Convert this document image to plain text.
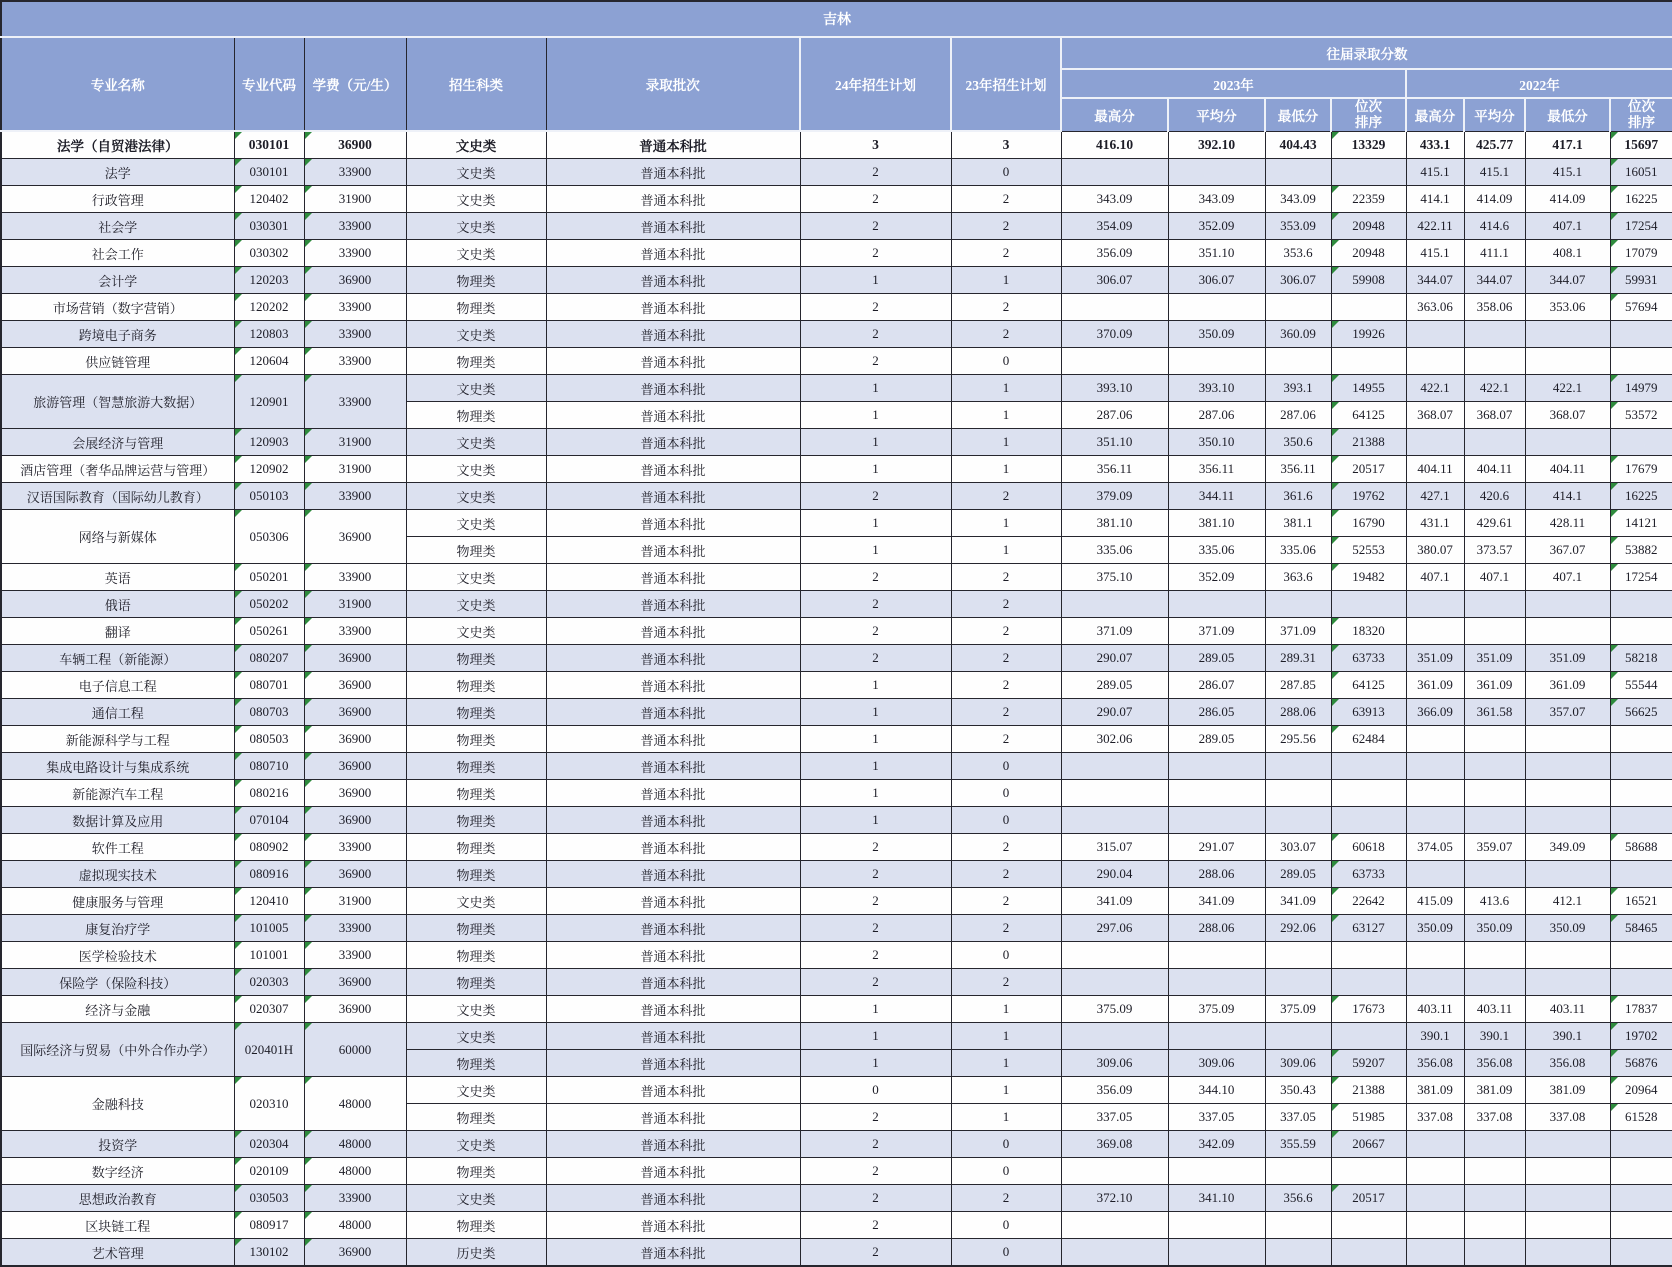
吉林														
专业名称	专业代码	学费（元/生）	招生科类	录取批次	24年招生计划	23年招生计划	往届录取分数							
							2023年				2022年			
							最高分	平均分	最低分	位次排序	最高分	平均分	最低分	位次排序
法学（自贸港法律）	030101	36900	文史类	普通本科批	3	3	416.10	392.10	404.43	13329	433.1	425.77	417.1	15697
法学	030101	33900	文史类	普通本科批	2	0					415.1	415.1	415.1	16051
行政管理	120402	31900	文史类	普通本科批	2	2	343.09	343.09	343.09	22359	414.1	414.09	414.09	16225
社会学	030301	33900	文史类	普通本科批	2	2	354.09	352.09	353.09	20948	422.11	414.6	407.1	17254
社会工作	030302	33900	文史类	普通本科批	2	2	356.09	351.10	353.6	20948	415.1	411.1	408.1	17079
会计学	120203	36900	物理类	普通本科批	1	1	306.07	306.07	306.07	59908	344.07	344.07	344.07	59931
市场营销（数字营销）	120202	33900	物理类	普通本科批	2	2					363.06	358.06	353.06	57694
跨境电子商务	120803	33900	文史类	普通本科批	2	2	370.09	350.09	360.09	19926				
供应链管理	120604	33900	物理类	普通本科批	2	0								
旅游管理（智慧旅游大数据）	120901	33900	文史类	普通本科批	1	1	393.10	393.10	393.1	14955	422.1	422.1	422.1	14979
			物理类	普通本科批	1	1	287.06	287.06	287.06	64125	368.07	368.07	368.07	53572
会展经济与管理	120903	31900	文史类	普通本科批	1	1	351.10	350.10	350.6	21388				
酒店管理（奢华品牌运营与管理）	120902	31900	文史类	普通本科批	1	1	356.11	356.11	356.11	20517	404.11	404.11	404.11	17679
汉语国际教育（国际幼儿教育）	050103	33900	文史类	普通本科批	2	2	379.09	344.11	361.6	19762	427.1	420.6	414.1	16225
网络与新媒体	050306	36900	文史类	普通本科批	1	1	381.10	381.10	381.1	16790	431.1	429.61	428.11	14121
			物理类	普通本科批	1	1	335.06	335.06	335.06	52553	380.07	373.57	367.07	53882
英语	050201	33900	文史类	普通本科批	2	2	375.10	352.09	363.6	19482	407.1	407.1	407.1	17254
俄语	050202	31900	文史类	普通本科批	2	2								
翻译	050261	33900	文史类	普通本科批	2	2	371.09	371.09	371.09	18320				
车辆工程（新能源）	080207	36900	物理类	普通本科批	2	2	290.07	289.05	289.31	63733	351.09	351.09	351.09	58218
电子信息工程	080701	36900	物理类	普通本科批	1	2	289.05	286.07	287.85	64125	361.09	361.09	361.09	55544
通信工程	080703	36900	物理类	普通本科批	1	2	290.07	286.05	288.06	63913	366.09	361.58	357.07	56625
新能源科学与工程	080503	36900	物理类	普通本科批	1	2	302.06	289.05	295.56	62484				
集成电路设计与集成系统	080710	36900	物理类	普通本科批	1	0								
新能源汽车工程	080216	36900	物理类	普通本科批	1	0								
数据计算及应用	070104	36900	物理类	普通本科批	1	0								
软件工程	080902	33900	物理类	普通本科批	2	2	315.07	291.07	303.07	60618	374.05	359.07	349.09	58688
虚拟现实技术	080916	36900	物理类	普通本科批	2	2	290.04	288.06	289.05	63733				
健康服务与管理	120410	31900	文史类	普通本科批	2	2	341.09	341.09	341.09	22642	415.09	413.6	412.1	16521
康复治疗学	101005	33900	物理类	普通本科批	2	2	297.06	288.06	292.06	63127	350.09	350.09	350.09	58465
医学检验技术	101001	33900	物理类	普通本科批	2	0								
保险学（保险科技）	020303	36900	物理类	普通本科批	2	2								
经济与金融	020307	36900	文史类	普通本科批	1	1	375.09	375.09	375.09	17673	403.11	403.11	403.11	17837
国际经济与贸易（中外合作办学）	020401H	60000	文史类	普通本科批	1	1					390.1	390.1	390.1	19702
			物理类	普通本科批	1	1	309.06	309.06	309.06	59207	356.08	356.08	356.08	56876
金融科技	020310	48000	文史类	普通本科批	0	1	356.09	344.10	350.43	21388	381.09	381.09	381.09	20964
			物理类	普通本科批	2	1	337.05	337.05	337.05	51985	337.08	337.08	337.08	61528
投资学	020304	48000	文史类	普通本科批	2	0	369.08	342.09	355.59	20667				
数字经济	020109	48000	物理类	普通本科批	2	0								
思想政治教育	030503	33900	文史类	普通本科批	2	2	372.10	341.10	356.6	20517				
区块链工程	080917	48000	物理类	普通本科批	2	0								
艺术管理	130102	36900	历史类	普通本科批	2	0								
